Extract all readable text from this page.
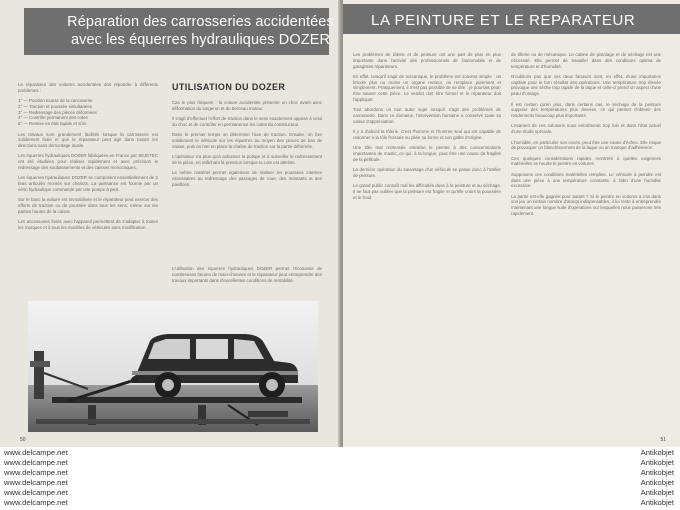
Réparation des carrosseries accidentées
avec les équerres hydrauliques DOZER

Le réparateur des voitures accidentées doit répondre à différents problèmes :

1° — Position exacte de la carrosserie
2° — Traction et poussée simultanées
3° — Redressage des pièces déformées
4° — Contrôle permanent des cotes
5° — Remise en état rapide et sûre

Les travaux sont grandement facilités lorsque la carrosserie est solidement fixée et que le réparateur peut agir dans toutes les directions sans démontage inutile.

Les équerres hydrauliques DOZER fabriquées en France par SEJETEC ont été étudiées pour réaliser rapidement et avec précision le redressage des soubassements et des caisses monocoques.

Les équerres hydrauliques DOZER se composent essentiellement de 2 bras articulés montés sur chariots. La puissance est fournie par un vérin hydraulique commandé par une pompe à pied.

Sur le banc la voiture est immobilisée et le réparateur peut exercer des efforts de traction ou de poussée dans tous les sens, même sur les parties hautes de la caisse.

Les accessoires livrés avec l'appareil permettent de s'adapter à toutes les marques et à tous les modèles de véhicules sans modification.

UTILISATION DU DOZER

Cas le plus fréquent : la voiture accidentée présente un choc avant avec déformation du longeron et du berceau moteur.

Il s'agit d'effectuer l'effort de traction dans le sens exactement opposé à celui du choc et de contrôler en permanence les cotes du constructeur.

Dans le premier temps on détermine l'axe de traction. Ensuite, on fixe solidement le véhicule sur les équerres au moyen des pinces de bas de caisse, puis on met en place la chaîne de traction sur la partie déformée.

L'opérateur n'a plus qu'à actionner la pompe et à surveiller le redressement de la pièce, en relâchant la pression lorsque la cote est atteinte.

Le même matériel permet également de réaliser les poussées internes nécessaires au redressage des passages de roue, des montants et des pavillons.

L'utilisation des équerres hydrauliques DOZER permet l'économie de nombreuses heures de main-d'oeuvre et le réparateur peut entreprendre des travaux importants dans d'excellentes conditions de rentabilité.
50
LA PEINTURE ET LE REPARATEUR

Les problèmes de tôlerie et de peinture ont une part de plus en plus importante dans l'activité des professionnels de l'automobile et de garagistes réparateurs.

En effet, lorsqu'il s'agit de mécanique, le problème est souvent simple : on bricole plus ou moins un organe moteur, on remplace purement et simplement. Pratiquement, il n'est pas possible de se dire : je pourrais peut-être sauver cette pièce. Le verdict doit être formel et le réparateur doit l'appliquer.

Tout abordons un tout autre sujet lorsqu'il s'agit des problèmes de carrosserie. Dans ce domaine, l'intervention humaine a conservé toute sa valeur d'appréciation.

Il y a d'abord la tôlerie. C'est l'homme et l'homme seul qui est capable de redonner à la tôle froissée ou pliée sa forme et son galbe d'origine.

Une tôle mal redressée entraîne le peintre à des consommations importantes de mastic, ce qui, à la longue, peut être une cause de fragilité de la pellicule.

La dernière opération du sauvetage d'un véhicule se passe donc à l'atelier de peinture.

Le grand public connaît mal les difficultés dues à la peinture et au séchage. Il ne faut pas oublier que la peinture est fragile et qu'elle craint la poussière et le froid.

de tôlerie ou de mécanique. La cabine de pistolage et de séchage est une nécessité. Elle permet de travailler dans des conditions optima de température et d'humidité.

N'oublions pas que ces deux facteurs sont, en effet, d'une importance capitale pour le bon résultat des opérations. Une température trop élevée provoque une sèche trop rapide de la laque et celle-ci prend un aspect d'une peau d'orange.

Il est certain qu'en plus, dans certains cas, le séchage de la peinture suppose des températures plus élevées, ce qui permet d'obtenir des rendements beaucoup plus importants.

L'examen de ces solutions nous entraînerait trop loin et dans l'état actuel d'une étude spéciale.

L'humidité, en particulier son excès, peut être une cause d'échec. Elle risque de provoquer un blanchissement de la laque ou un manque d'adhérence.

Ces quelques considérations rapides montrent à quelles exigences matérielles se heurte le peintre en voitures.

Supposons ces conditions matérielles remplies. Le véhicule à peindre est dans une pièce à une température constante, à l'abri d'une humidité excessive.

La partie est-elle gagnée pour autant ? Si le peintre en voitures a mis dans son jeu un certain nombre d'atouts indispensables, il lui reste à entreprendre maintenant une longue suite d'opérations sur lesquelles nous passerons très rapidement.

51
www.delcampe.net
www.delcampe.net
www.delcampe.net
www.delcampe.net
www.delcampe.net
www.delcampe.net
Antikobjet
Antikobjet
Antikobjet
Antikobjet
Antikobjet
Antikobjet
